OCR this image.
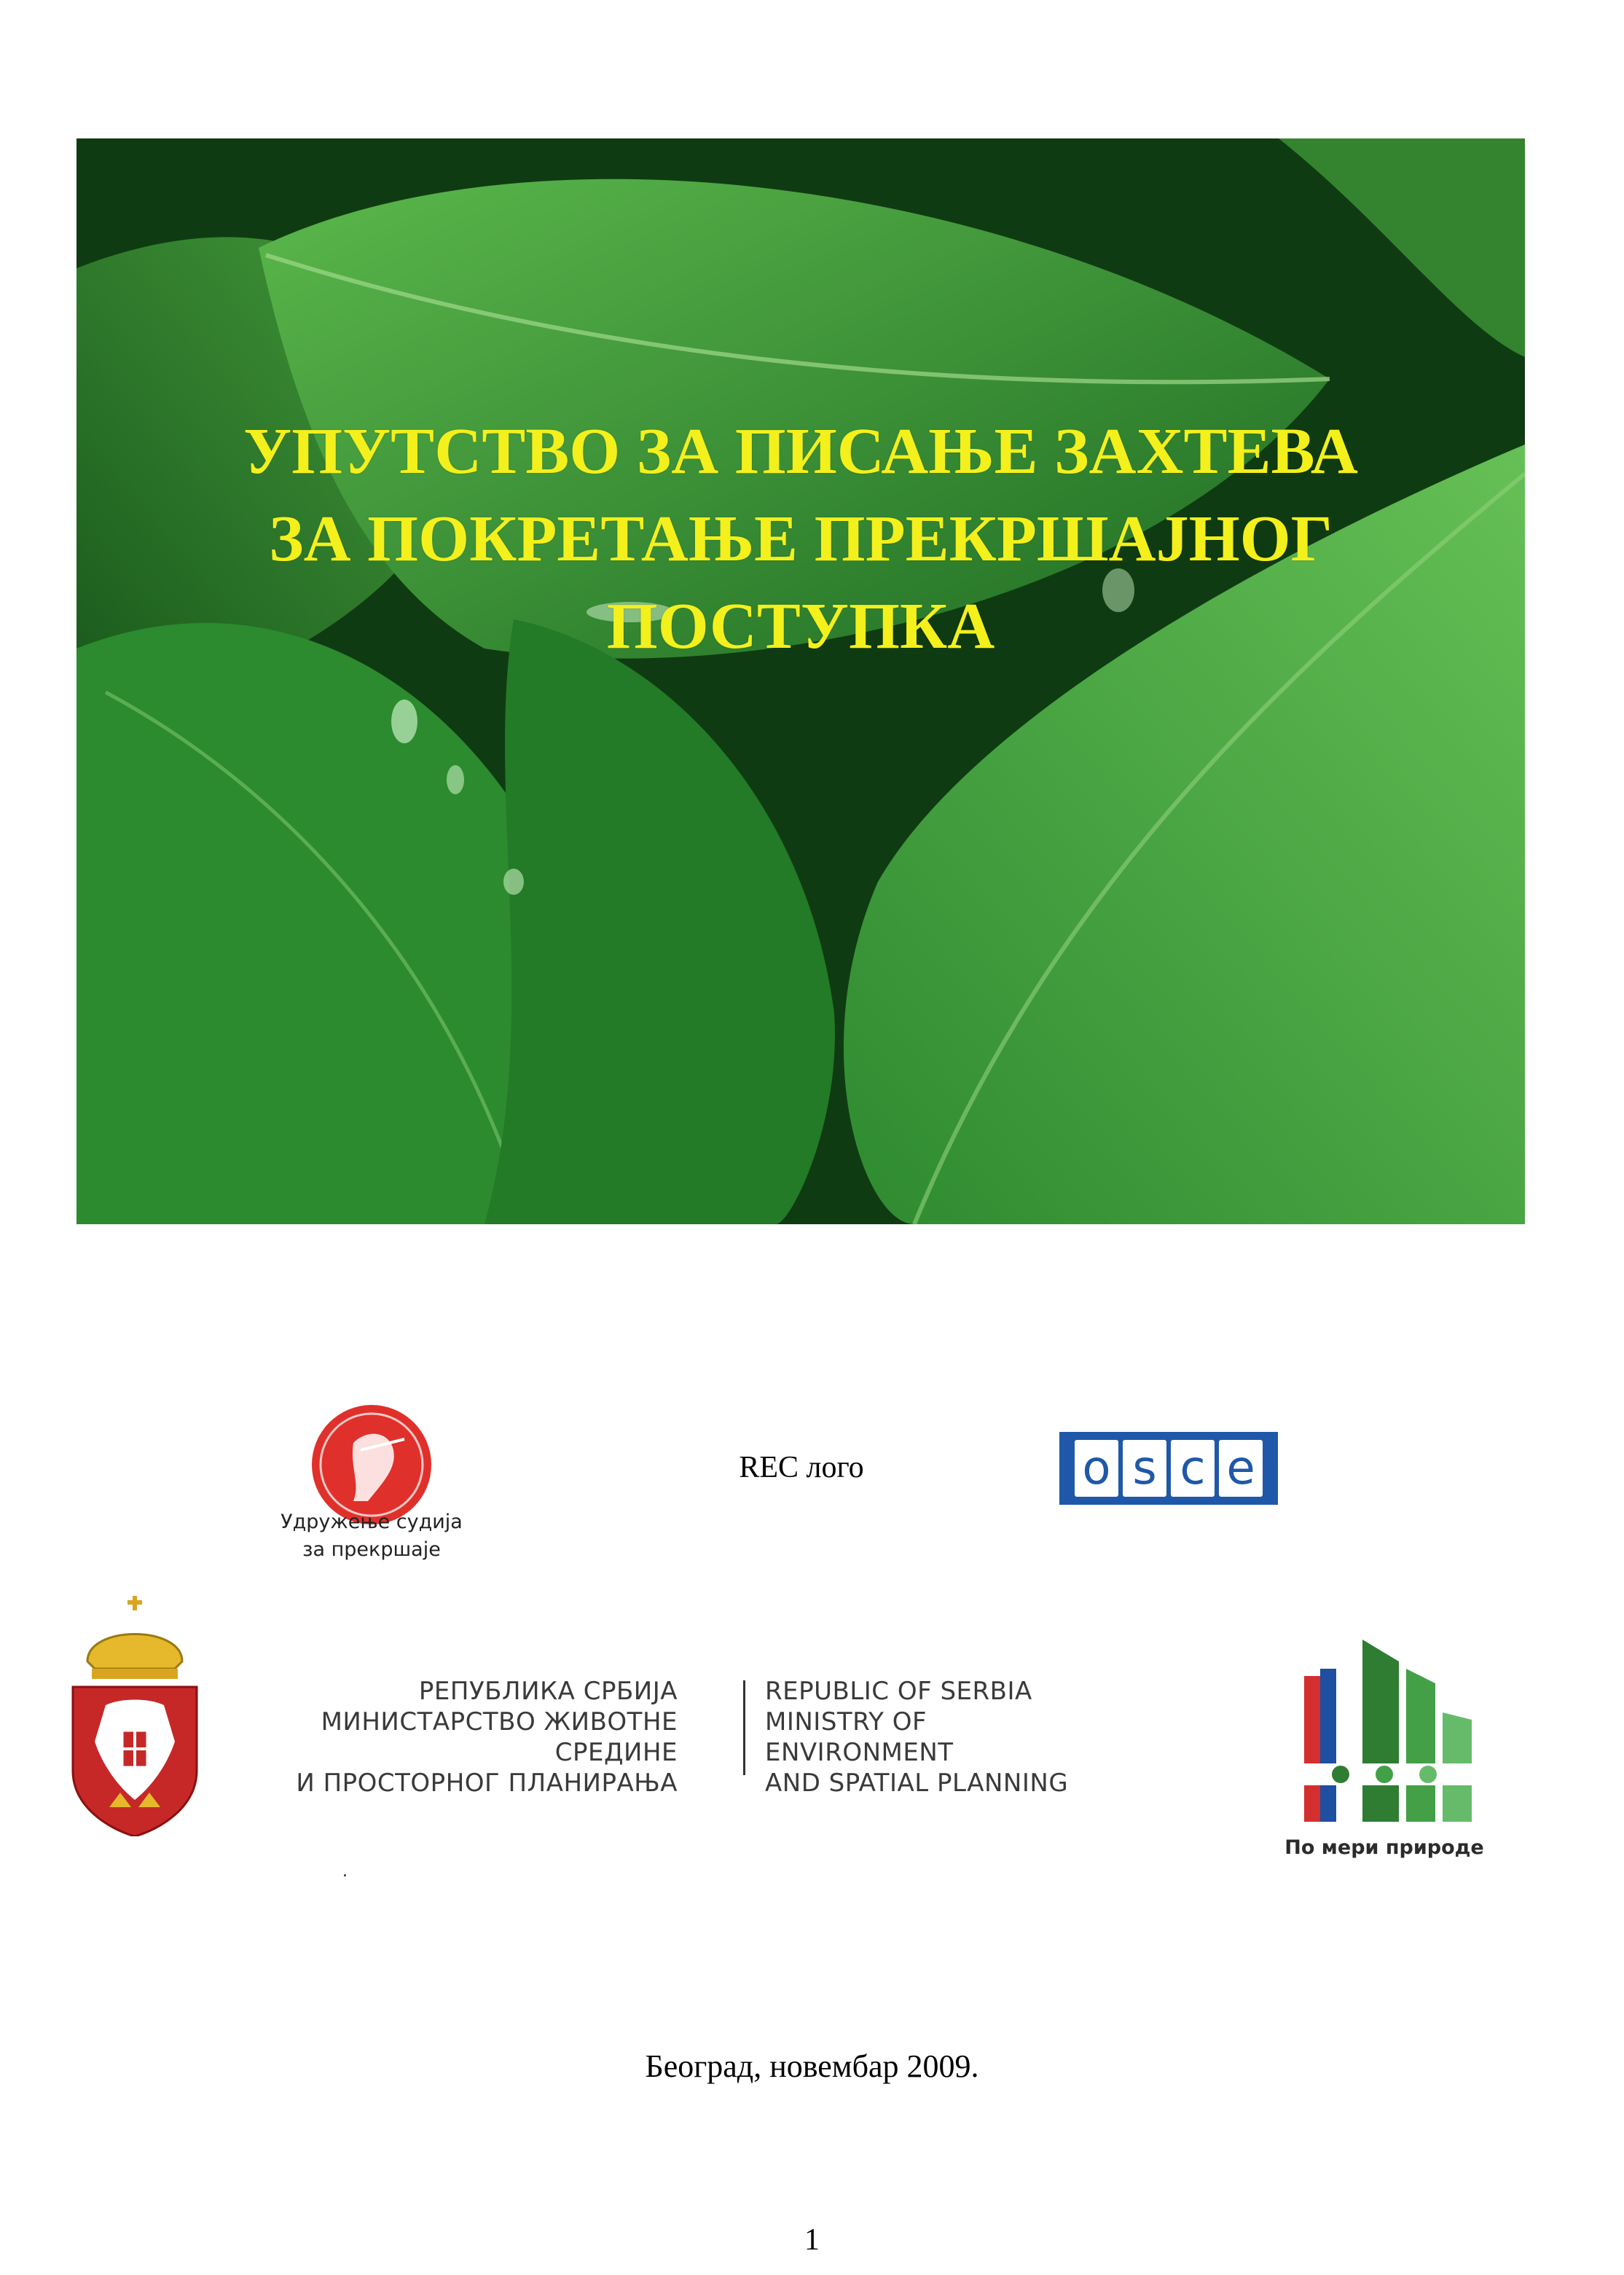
УПУТСТВО ЗА ПИСАЊЕ ЗАХТЕВА
ЗА ПОКРЕТАЊЕ ПРЕКРШАЈНОГ
ПОСТУПКА
Удружење судија
за прекршаје
REC лого	o s c e
РЕПУБЛИКА СРБИЈА
МИНИСТАРСТВО ЖИВОТНЕ СРЕДИНЕ
И ПРОСТОРНОГ ПЛАНИРАЊА
REPUBLIC OF SERBIA
MINISTRY OF ENVIRONMENT
AND SPATIAL PLANNING
По мери природе
Београд, новембар 2009.
1
